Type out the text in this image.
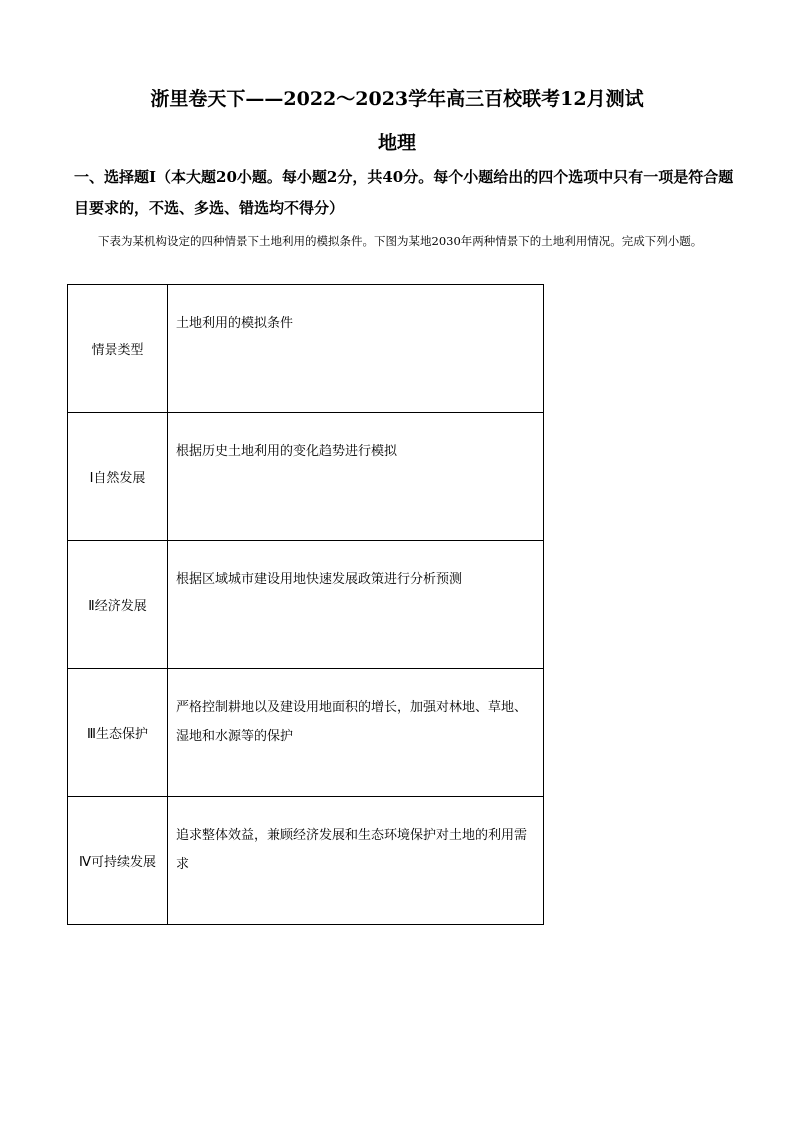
浙里卷天下——2022～2023学年高三百校联考12月测试
地理
一、选择题Ⅰ（本大题20小题。每小题2分，共40分。每个小题给出的四个选项中只有一项是符合题目要求的，不选、多选、错选均不得分）
下表为某机构设定的四种情景下土地利用的模拟条件。下图为某地2030年两种情景下的土地利用情况。完成下列小题。
情景类型	土地利用的模拟条件
Ⅰ自然发展	根据历史土地利用的变化趋势进行模拟
Ⅱ经济发展	根据区域城市建设用地快速发展政策进行分析预测
Ⅲ生态保护	严格控制耕地以及建设用地面积的增长，加强对林地、草地、湿地和水源等的保护
Ⅳ可持续发展	追求整体效益，兼顾经济发展和生态环境保护对土地的利用需求
